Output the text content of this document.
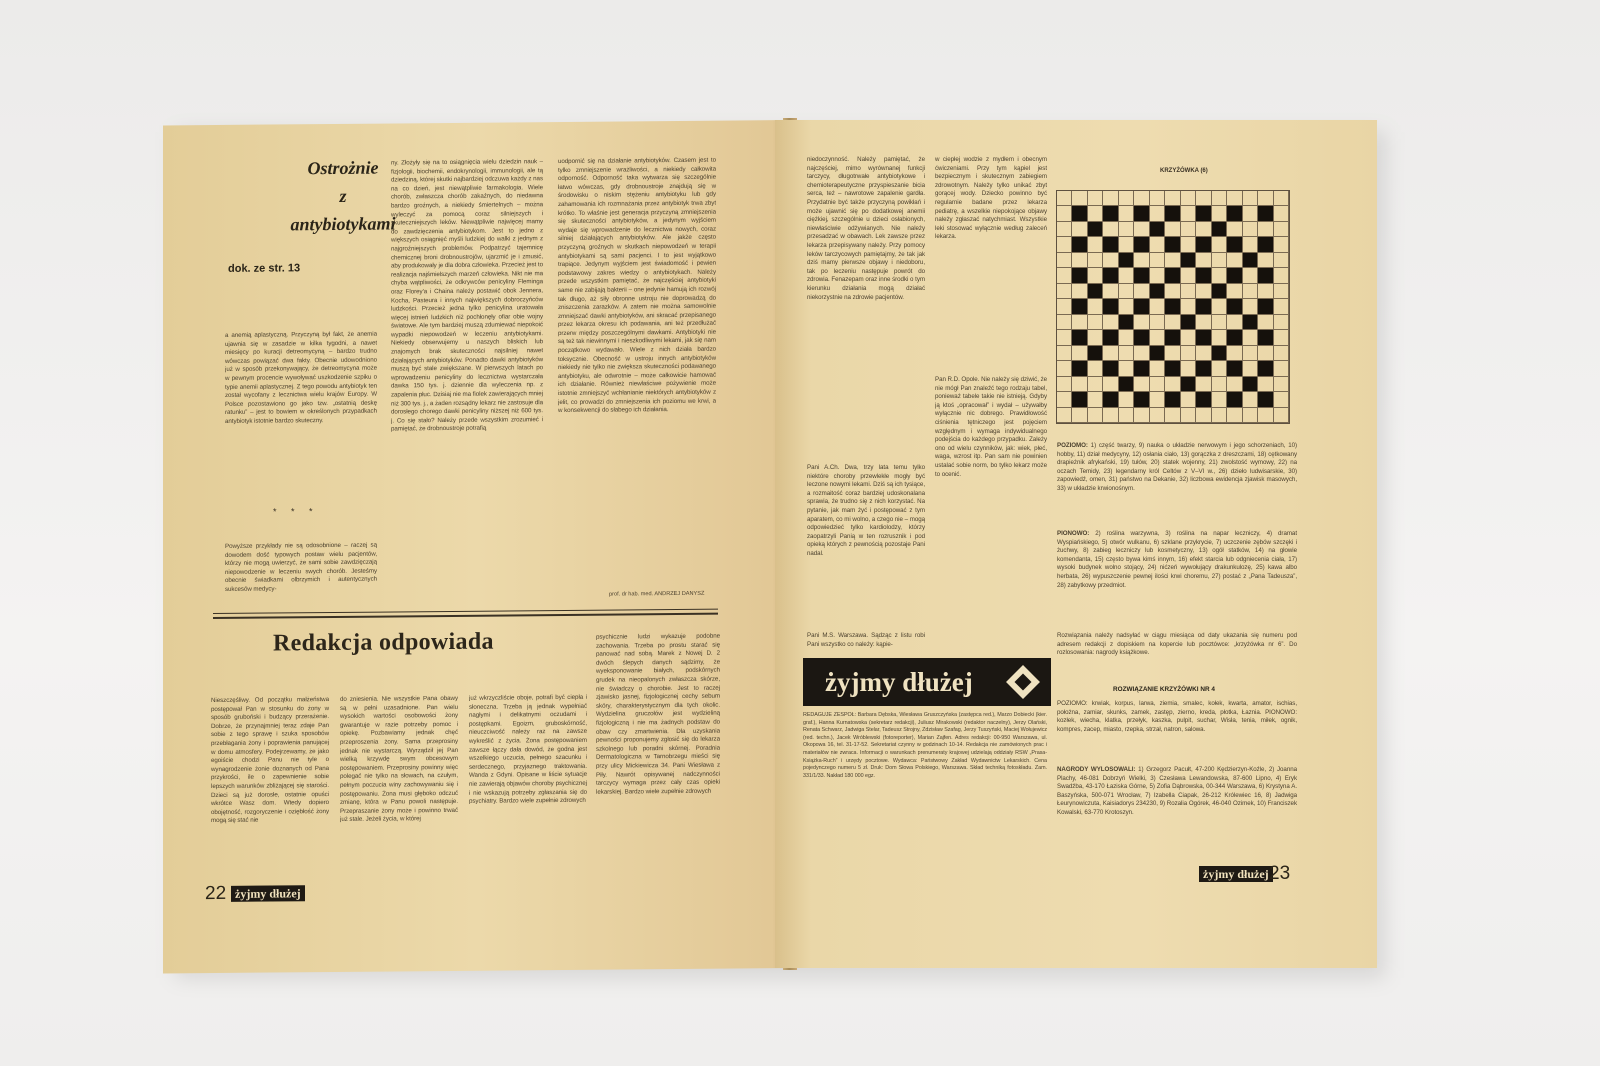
Ostrożnie
z
antybiotykami
dok. ze str. 13
a anemią aplastyczną. Przyczyną był fakt, że anemia ujawnia się w zasadzie w kilka tygodni, a nawet miesięcy po kuracji detreomycyną – bardzo trudno wówczas powiązać dwa fakty. Obecnie udowodniono już w sposób przekonywający, że detreomycyna może w pewnym procencie wywoływać uszkodzenie szpiku o typie anemii aplastycznej. Z tego powodu antybiotyk ten został wycofany z lecznictwa wielu krajów Europy. W Polsce pozostawiono go jako tzw. „ostatnią deskę ratunku” – jest to bowiem w określonych przypadkach antybiotyk istotnie bardzo skuteczny.
* * *
Powyższe przykłady nie są odosobnione – raczej są dowodem dość typowych postaw wielu pacjentów, którzy nie mogą uwierzyć, że sami sobie zawdzięczają niepowodzenie w leczeniu swych chorób. Jesteśmy obecnie świadkami olbrzymich i autentycznych sukcesów medycy-
ny. Złożyły się na to osiągnięcia wielu dziedzin nauk – fizjologii, biochemii, endokrynologii, immunologii, ale tą dziedziną, której skutki najbardziej odczuwa każdy z nas na co dzień, jest niewątpliwie farmakologia. Wiele chorób, zwłaszcza chorób zakaźnych, do niedawna bardzo groźnych, a niekiedy śmiertelnych – można wyleczyć za pomocą coraz silniejszych i skuteczniejszych leków. Niewątpliwie najwięcej mamy do zawdzięczenia antybiotykom. Jest to jedno z większych osiągnięć myśli ludzkiej do walki z jednym z najgroźniejszych problemów. Podpatrzyć tajemnicę chemicznej broni drobnoustrojów, ujarzmić je i zmusić, aby produkowały je dla dobra człowieka. Przecież jest to realizacja najśmielszych marzeń człowieka. Nikt nie ma chyba wątpliwości, że odkrywców penicyliny Fleminga oraz Florey'a i Chaina należy postawić obok Jennera, Kocha, Pasteura i innych największych dobroczyńców ludzkości. Przecież jedna tylko penicylina uratowała więcej istnień ludzkich niż pochłonęły ofiar obie wojny światowe. Ale tym bardziej muszą zdumiewać niepokoić wypadki niepowodzeń w leczeniu antybiotykami. Niekiedy obserwujemy u naszych bliskich lub znajomych brak skuteczności najsilniej nawet działających antybiotyków. Ponadto dawki antybiotyków muszą być stale zwiększane. W pierwszych latach po wprowadzeniu penicyliny do lecznictwa wystarczała dawka 150 tys. j. dziennie dla wyleczenia np. z zapalenia płuc. Dzisiaj nie ma fiolek zawierających mniej niż 300 tys. j., a żaden rozsądny lekarz nie zastosuje dla dorosłego chorego dawki penicyliny niższej niż 600 tys. j. Co się stało? Należy przede wszystkim zrozumieć i pamiętać, że drobnoustroje potrafią
uodpornić się na działanie antybiotyków. Czasem jest to tylko zmniejszenie wrażliwości, a niekiedy całkowita odporność. Odporność taka wytwarza się szczególnie łatwo wówczas, gdy drobnoustroje znajdują się w środowisku o niskim stężeniu antybiotyku lub gdy zahamowania ich rozmnażania przez antybiotyk trwa zbyt krótko. To właśnie jest generacja przyczyną zmniejszenia się skuteczności antybiotyków, a jedynym wyjściem wydaje się wprowadzenie do lecznictwa nowych, coraz silniej działających antybiotyków. Ale jakże często przyczyną groźnych w skutkach niepowodzeń w terapii antybiotykami są sami pacjenci. I to jest wyjątkowo trapiące. Jedynym wyjściem jest świadomość i pewien podstawowy zakres wiedzy o antybiotykach. Należy przede wszystkim pamiętać, że najczęściej antybiotyki same nie zabijają bakterii – one jedynie hamują ich rozwój tak długo, aż siły obronne ustroju nie doprowadzą do zniszczenia zarazków. A zatem nie można samowolnie zmniejszać dawki antybiotyków, ani skracać przepisanego przez lekarza okresu ich podawania, ani też przedłużać przerw między poszczególnymi dawkami. Antybiotyki nie są też tak niewinnymi i nieszkodliwymi lekami, jak się nam początkowo wydawało. Wiele z nich działa bardzo toksycznie. Obecność w ustroju innych antybiotyków niekiedy nie tylko nie zwiększa skuteczności podawanego antybiotyku, ale odwrotnie – może całkowicie hamować ich działanie. Również niewłaściwe pożywienie może istotnie zmniejszyć wchłanianie niektórych antybiotyków z jelit, co prowadzi do zmniejszenia ich poziomu we krwi, a w konsekwencji do słabego ich działania.
prof. dr hab. med. ANDRZEJ DANYSZ
Redakcja odpowiada
Nieszczęśliwy. Od początku małżeństwa postępował Pan w stosunku do żony w sposób gruboński i budzący przerażenie. Dobrze, że przynajmniej teraz zdaje Pan sobie z tego sprawę i szuka sposobów przebłagania żony i poprawienia panującej w domu atmosfery. Podejrzewamy, że jako egoiście chodzi Panu nie tyle o wynagrodzenie żonie doznanych od Pana przykrości, ile o zapewnienie sobie lepszych warunków zbliżającej się starości. Dzieci są już dorosłe, ostatnie opuści wkrótce Wasz dom. Wtedy dopiero obojętność, rozgoryczenie i oziębłość żony mogą się stać nie
do zniesienia. Nie wszystkie Pana obawy są w pełni uzasadnione. Pan wielu wysokich wartości osobowości żony gwarantuje w razie potrzeby pomoc i opiekę. Pozbawiamy jednak chęć przeproszenia żony. Sama przeprosiny jednak nie wystarczą. Wyrządził jej Pan wielką krzywdę swym obcesowym postępowaniem. Przeprosiny powinny więc polegać nie tylko na słowach, na czułym, pełnym poczucia winy zachowywaniu się i postępowaniu. Żona musi głęboko odczuć zmianę, która w Panu powoli następuje. Przepraszanie żony może i powinno trwać już stale. Jeżeli życia, w której
już wkrzyczliście oboje, potrafi być ciepła i słoneczna. Trzeba ją jednak wypełniać nagłymi i delikatnymi oczudami i postępkami. Egoizm, gruboskórność, nieuczciwość należy raz na zawsze wykreślić z życia. Żona postępowaniem zawsze łączy dała dowód, że godna jest wszelkiego uczucia, pełnego szacunku i serdecznego, przyjaznego traktowania. Wanda z Gdyni. Opisane w liście sytuacje nie zawierają objawów choroby psychicznej i nie wskazują potrzeby zgłaszania się do psychiatry. Bardzo wiele zupełnie zdrowych
psychicznie ludzi wykazuje podobne zachowania. Trzeba po prostu starać się panować nad sobą. Marek z Nowej D. 2 dwóch ślepych danych sądzimy, że wyeksponowanie białych, podskórnych grudek na nieopalonych zwłaszcza skórze, nie świadczy o chorobie. Jest to raczej zjawisko jasnej, fizjologicznej cechy sebum skóry, charakterystycznym dla tych okolic. Wydzielina gruczołów jest wydzieliną fizjologiczną i nie ma żadnych podstaw do obaw czy zmartwienia. Dla uzyskania pewności proponujemy zgłosić się do lekarza szkolnego lub poradni skórnej. Poradnia Dermatologiczna w Tarnobrzegu mieści się przy ulicy Mickiewicza 34. Pani Wiesława z Piły. Nawrót opisywanej nadczynności tarczycy wymaga przez cały czas opieki lekarskiej. Bardzo wiele zupełnie zdrowych
22 żyjmy dłużej
niedoczynność. Należy pamiętać, że najczęściej, mimo wyrównanej funkcji tarczycy, długotrwałe antybiotykowe i chemioterapeutyczne przyspieszanie bicia serca, też – nawrotowe zapalenie gardła. Przydatnie być także przyczyną powikłań i może ujawnić się po dodatkowej anemii ciężkiej, szczególnie u dzieci osłabionych, niewłaściwie odżywianych. Nie należy przesadzać w obawach. Lek zawsze przez lekarza przepisywany należy. Przy pomocy leków tarczycowych pamiętajmy, że tak jak dziś mamy pierwsze objawy i niedoboru, tak po leczeniu następuje powrót do zdrowia. Fenazepam oraz inne środki o tym kierunku działania mogą działać niekorzystnie na zdrowie pacjentów.
Pani A.Ch. Dwa, trzy lata temu tylko niektóre choroby przewlekłe mogły być leczone nowymi lekami. Dziś są ich tysiące, a rozmaitość coraz bardziej udoskonalana sprawia, że trudno się z nich korzystać. Na pytanie, jak mam żyć i postępować z tym aparatem, co mi wolno, a czego nie – mogą odpowiedzieć tylko kardiolodzy, którzy zaopatrzyli Panią w ten rozrusznik i pod opieką których z pewnością pozostaje Pani nadal.
Pani M.S. Warszawa. Sądząc z listu robi Pani wszystko co należy: kąpie-
w ciepłej wodzie z mydłem i obecnym ćwiczeniami. Przy tym kąpiel jest bezpiecznym i skutecznym zabiegiem zdrowotnym. Należy tylko unikać zbyt gorącej wody. Dziecko powinno być regularnie badane przez lekarza pediatrę, a wszelkie niepokojące objawy należy zgłaszać natychmiast. Wszystkie leki stosować wyłącznie według zaleceń lekarza.
Pan R.D. Opole. Nie należy się dziwić, że nie mógł Pan znaleźć tego rodzaju tabel, ponieważ tabele takie nie istnieją. Gdyby ją ktoś „opracował” i wydał – używałby wyłącznie nic dobrego. Prawidłowość ciśnienia tętniczego jest pojęciem względnym i wymaga indywidualnego podejścia do każdego przypadku. Zależy ono od wielu czynników, jak: wiek, płeć, waga, wzrost itp. Pan sam nie powinien ustalać sobie norm, bo tylko lekarz może to ocenić.
KRZYŻÓWKA (6)
POZIOMO: 1) część twarzy, 9) nauka o układzie nerwowym i jego schorzeniach, 10) hobby, 11) dział medycyny, 12) osłania ciało, 13) gorączka z dreszczami, 18) cętkowany drapieżnik afrykański, 19) tułów, 20) statek wojenny, 21) zwolstość wymowy, 22) na oczach Temidy, 23) legendarny król Celtów z V–VI w., 26) dzieło ludwisarskie, 30) zapowiedź, omen, 31) państwo na Dekanie, 32) liczbowa ewidencja zjawisk masowych, 33) w układzie krwionośnym.
PIONOWO: 2) roślina warzywna, 3) roślina na napar leczniczy, 4) dramat Wyspiańskiego, 5) otwór wulkanu, 6) szklane przykrycie, 7) uczczenie zębów szczęki i żuchwy, 8) zabieg leczniczy lub kosmetyczny, 13) ogół statków, 14) na głowie komendanta, 15) często bywa kimś innym, 16) efekt starcia lub odgniecenia ciała, 17) wysoki budynek wolno stojący, 24) nićzeń wywołujący drakunkulozę, 25) kawa albo herbata, 26) wypuszczenie pewnej ilości krwi choremu, 27) postać z „Pana Tadeusza”, 28) zabytkowy przedmiot.
Rozwiązania należy nadsyłać w ciągu miesiąca od daty ukazania się numeru pod adresem redakcji z dopiskiem na kopercie lub pocztówce: „krzyżówka nr 6”. Do rozlosowania: nagrody książkowe.
ROZWIĄZANIE KRZYŻÓWKI NR 4
POZIOMO: krwiak, korpus, larwa, ziemia, smalec, kołek, kwarta, amator, ischias, położna, zamiar, skunks, zamek, zastęp, zierno, kreda, płotka, Łaznia. PIONOWO: kozłek, wiecha, klatka, przełyk, kaszka, pulpit, suchar, Wisła, tenia, miłek, ognik, kompres, zacep, miasto, rzepka, strzał, natron, salowa.
NAGRODY WYLOSOWALI: 1) Grzegorz Pacułt, 47-200 Kędzierzyn-Koźle, 2) Joanna Plachy, 46-081 Dobrzyń Wielki, 3) Czesława Lewandowska, 87-600 Lipno, 4) Eryk Swadźba, 43-170 Łaziska Górne, 5) Zofia Dąbrowska, 00-344 Warszawa, 6) Krystyna A. Baszyńska, 500-071 Wrocław, 7) Izabella Ciapak, 26-212 Królewiec 16, 8) Jadwiga Łeurynowiczuta, Kaisiadorys 234230, 9) Rozalia Ogórek, 46-040 Ozimek, 10) Franciszek Kowalski, 63-770 Krotoszyn.
żyjmy dłużej
REDAGUJE ZESPÓŁ: Barbara Dębska, Wiesława Gruszczyńska (zastępca red.), Marzo Dobiecki (kier. graf.), Hanna Kurnatowska (sekretarz redakcji), Juliusz Mirakowski (redaktor naczelny), Jerzy Olański, Renata Schwarz, Jadwiga Stelar, Tadeusz Strojny, Zdzisław Szafag, Jerzy Tuszyński, Maciej Wołujewicz (red. techn.), Jacek Wróblewski (fotoreporter), Marian Zajfen. Adres redakcji: 00-950 Warszawa, ul. Okopowa 16, tel. 31-17-52. Sekretariat czynny w godzinach 10-14. Redakcja nie zamówionych prac i materiałów nie zwraca. Informacji o warunkach prenumeraty krajowej udzielają oddziały RSW „Prasa-Książka-Ruch” i urzędy pocztowe. Wydawca: Państwowy Zakład Wydawnictw Lekarskich. Cena pojedynczego numeru 5 zł. Druk: Dom Słowa Polskiego, Warszawa. Skład techniką fotoskładu. Zam. 331/1/33. Nakład 180 000 egz.
żyjmy dłużej 23
